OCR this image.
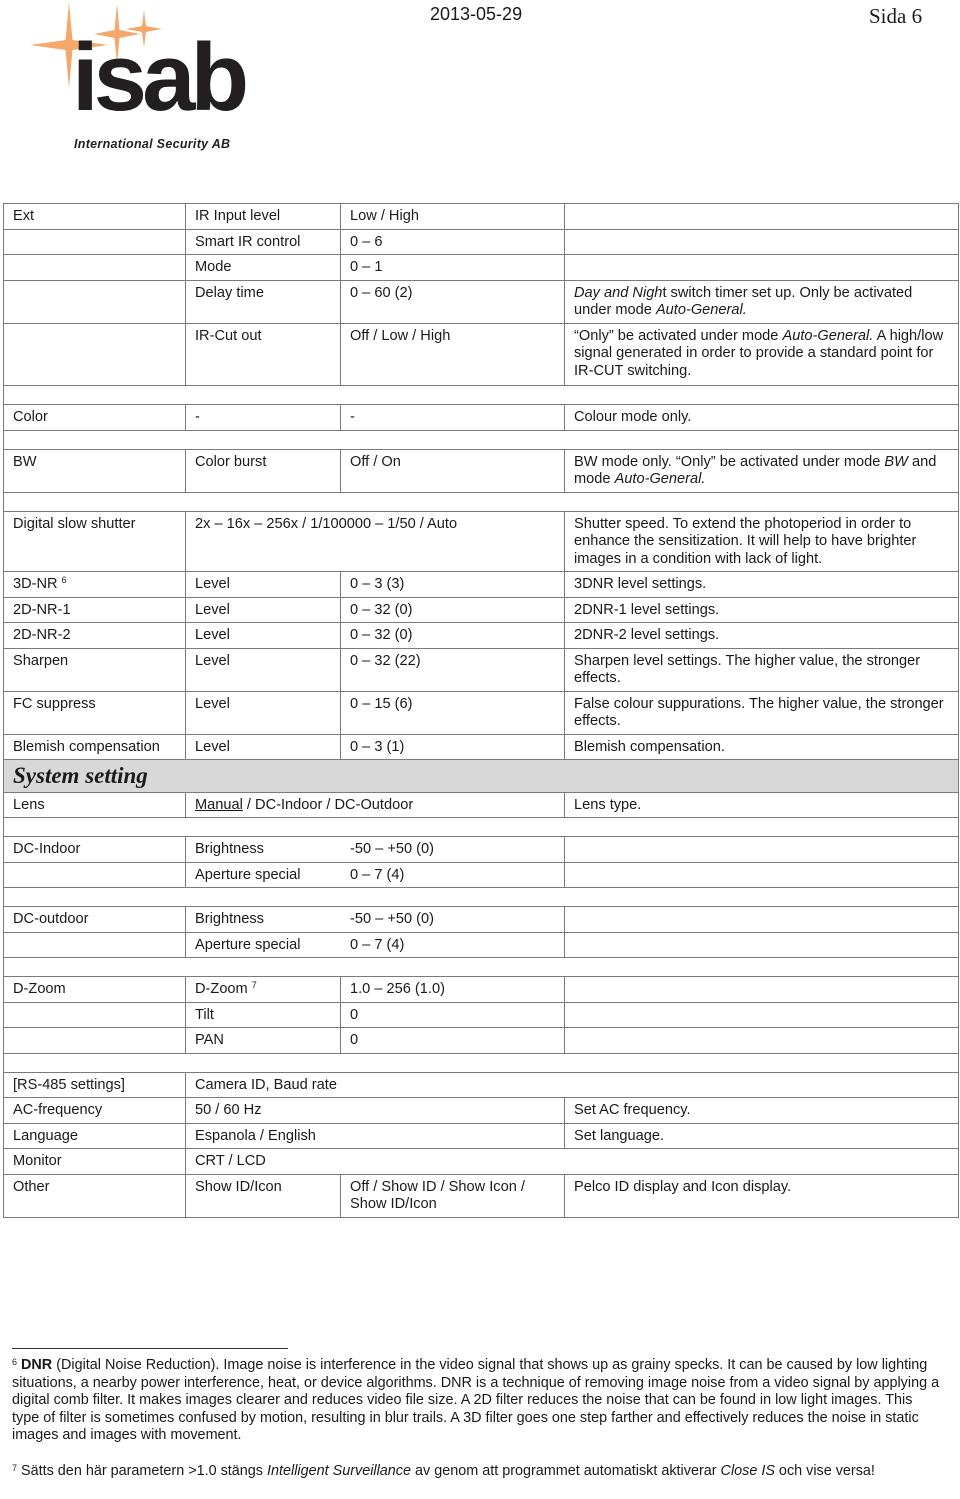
isab
International Security AB
2013-05-29	Sida 6
Ext	IR Input level	Low / High	
	Smart IR control	0 – 6	
	Mode	0 – 1	
	Delay time	0 – 60 (2)	Day and Night switch timer set up. Only be activated under mode Auto-General.
	IR-Cut out	Off / Low / High	“Only” be activated under mode Auto-General. A high/low signal generated in order to provide a standard point for IR-CUT switching.

Color	-	-	Colour mode only.

BW	Color burst	Off / On	BW mode only. “Only” be activated under mode BW and mode Auto-General.

Digital slow shutter	2x – 16x – 256x / 1/100000 – 1/50 / Auto		Shutter speed. To extend the photoperiod in order to enhance the sensitization. It will help to have brighter images in a condition with lack of light.
3D-NR $^6$	Level	0 – 3 (3)	3DNR level settings.
2D-NR-1	Level	0 – 32 (0)	2DNR-1 level settings.
2D-NR-2	Level	0 – 32 (0)	2DNR-2 level settings.
Sharpen	Level	0 – 32 (22)	Sharpen level settings. The higher value, the stronger effects.
FC suppress	Level	0 – 15 (6)	False colour suppurations. The higher value, the stronger effects.
Blemish compensation	Level	0 – 3 (1)	Blemish compensation.
System setting			
Lens	Manual / DC-Indoor / DC-Outdoor		Lens type.

DC-Indoor	Brightness -50 – +50 (0)		

	Aperture special 0 – 7 (4)		

DC-outdoor	Brightness -50 – +50 (0)		

	Aperture special 0 – 7 (4)		

D-Zoom	D-Zoom $^7$	1.0 – 256 (1.0)	
	Tilt	0	
	PAN	0	

[RS-485 settings]	Camera ID, Baud rate		
AC-frequency	50 / 60 Hz		Set AC frequency.
Language	Espanola / English		Set language.
Monitor	CRT / LCD		
Other	Show ID/Icon	Off / Show ID / Show Icon / Show ID/Icon	Pelco ID display and Icon display.
$^6$ DNR (Digital Noise Reduction). Image noise is interference in the video signal that shows up as grainy specks. It can be caused by low lighting situations, a nearby power interference, heat, or device algorithms. DNR is a technique of removing image noise from a video signal by applying a digital comb filter. It makes images clearer and reduces video file size. A 2D filter reduces the noise that can be found in low light images. This type of filter is sometimes confused by motion, resulting in blur trails. A 3D filter goes one step farther and effectively reduces the noise in static images and images with movement.
$^7$ Sätts den här parametern >1.0 stängs Intelligent Surveillance av genom att programmet automatiskt aktiverar Close IS och vise versa!
